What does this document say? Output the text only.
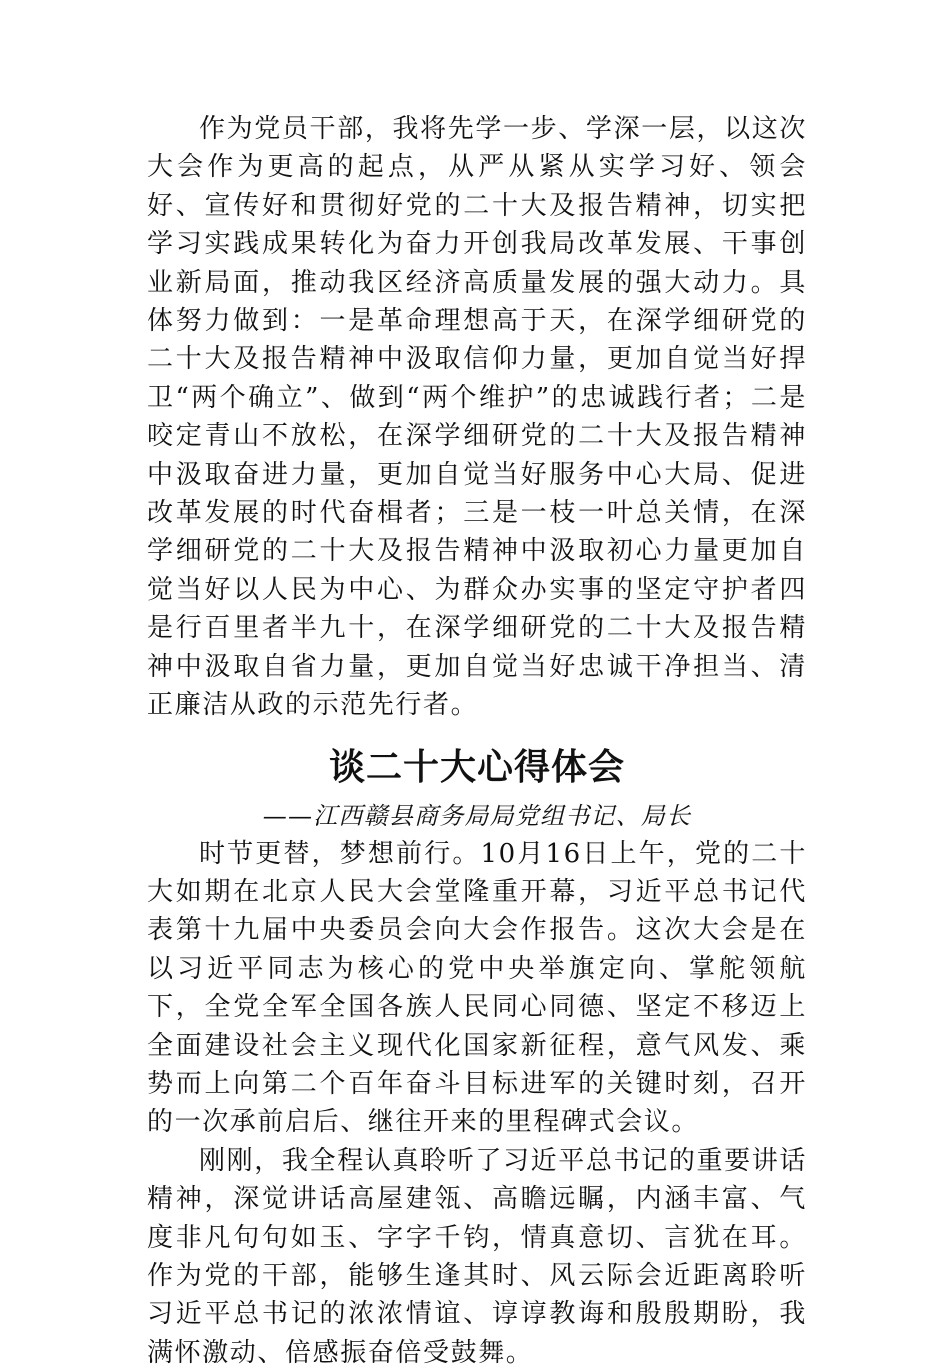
作为党员干部，我将先学一步、学深一层，以这次大会作为更高的起点，从严从紧从实学习好、领会好、宣传好和贯彻好党的二十大及报告精神，切实把学习实践成果转化为奋力开创我局改革发展、干事创业新局面，推动我区经济高质量发展的强大动力。具体努力做到：一是革命理想高于天，在深学细研党的二十大及报告精神中汲取信仰力量，更加自觉当好捍卫“两个确立”、做到“两个维护”的忠诚践行者；二是咬定青山不放松，在深学细研党的二十大及报告精神中汲取奋进力量，更加自觉当好服务中心大局、促进改革发展的时代奋楫者；三是一枝一叶总关情，在深学细研党的二十大及报告精神中汲取初心力量更加自觉当好以人民为中心、为群众办实事的坚定守护者四是行百里者半九十，在深学细研党的二十大及报告精神中汲取自省力量，更加自觉当好忠诚干净担当、清正廉洁从政的示范先行者。

谈二十大心得体会

——江西赣县商务局局党组书记、局长

时节更替，梦想前行。10月16日上午，党的二十大如期在北京人民大会堂隆重开幕，习近平总书记代表第十九届中央委员会向大会作报告。这次大会是在以习近平同志为核心的党中央举旗定向、掌舵领航下，全党全军全国各族人民同心同德、坚定不移迈上全面建设社会主义现代化国家新征程，意气风发、乘势而上向第二个百年奋斗目标进军的关键时刻，召开的一次承前启后、继往开来的里程碑式会议。

刚刚，我全程认真聆听了习近平总书记的重要讲话精神，深觉讲话高屋建瓴、高瞻远瞩，内涵丰富、气度非凡句句如玉、字字千钧，情真意切、言犹在耳。作为党的干部，能够生逢其时、风云际会近距离聆听习近平总书记的浓浓情谊、谆谆教诲和殷殷期盼，我满怀激动、倍感振奋倍受鼓舞。
